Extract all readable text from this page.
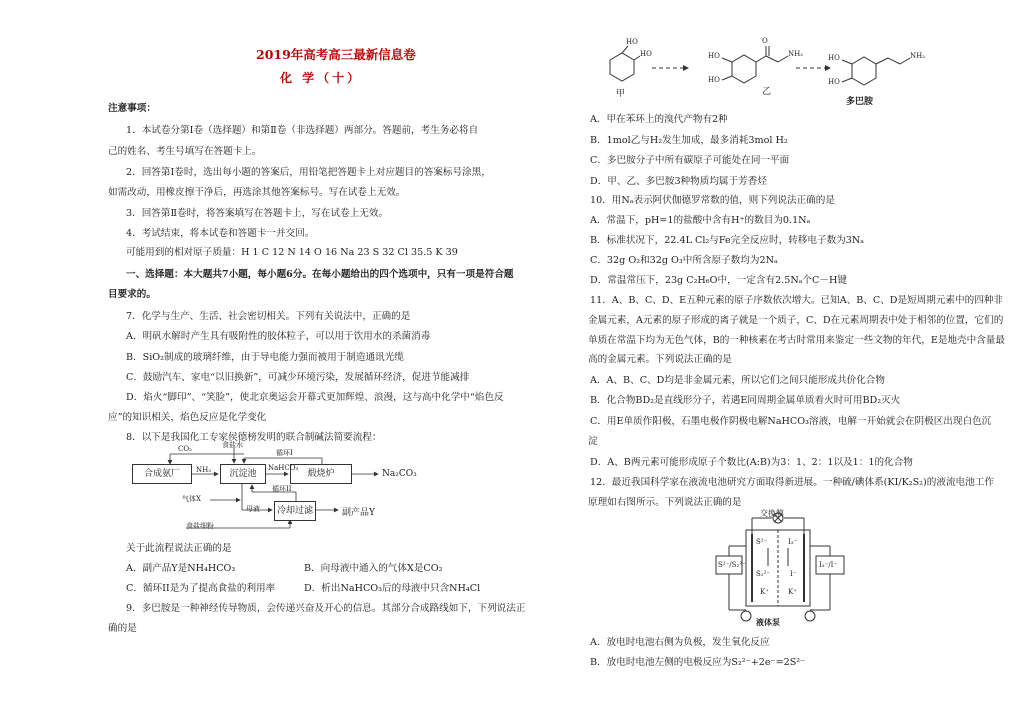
2019年高考高三最新信息卷
化 学（十）
注意事项：
1．本试卷分第Ⅰ卷（选择题）和第Ⅱ卷（非选择题）两部分。答题前，考生务必将自
己的姓名、考生号填写在答题卡上。
2．回答第Ⅰ卷时，选出每小题的答案后，用铅笔把答题卡上对应题目的答案标号涂黑，
如需改动，用橡皮擦干净后，再选涂其他答案标号。写在试卷上无效。
3．回答第Ⅱ卷时，将答案填写在答题卡上，写在试卷上无效。
4．考试结束，将本试卷和答题卡一并交回。
可能用到的相对原子质量：H 1 C 12 N 14 O 16 Na 23 S 32 Cl 35.5 K 39
一、选择题：本大题共7小题，每小题6分。在每小题给出的四个选项中，只有一项是符合题
目要求的。
7．化学与生产、生活、社会密切相关。下列有关说法中，正确的是
A．明矾水解时产生具有吸附性的胶体粒子，可以用于饮用水的杀菌消毒
B．SiO₂制成的玻璃纤维，由于导电能力强而被用于制造通讯光缆
C．鼓励汽车、家电“以旧换新”，可减少环境污染，发展循环经济，促进节能减排
D．焰火“脚印”、“笑脸”，使北京奥运会开幕式更加辉煌、浪漫，这与高中化学中“焰色反
应”的知识相关，焰色反应是化学变化
8．以下是我国化工专家侯德榜发明的联合制碱法简要流程：
合成氨厂	沉淀池	煅烧炉
冷却过滤
Na₂CO₃
副产品Y
CO₂
NH₃
食盐水
NaHCO₃
循环I
循环II
气体X
母液
食盐细粉
关于此流程说法正确的是
A．副产品Y是NH₄HCO₃	B．向母液中通入的气体X是CO₂
C．循环II是为了提高食盐的利用率	D．析出NaHCO₃后的母液中只含NH₄Cl
9．多巴胺是一种神经传导物质，会传递兴奋及开心的信息。其部分合成路线如下，下列说法正
确的是
HO
HO
甲
HO
HO
O
NH₂
乙
HO
HO
NH₂
多巴胺
A．甲在苯环上的溴代产物有2种
B．1mol乙与H₂发生加成，最多消耗3mol H₂
C．多巴胺分子中所有碳原子可能处在同一平面
D．甲、乙、多巴胺3种物质均属于芳香烃
10．用Nₐ表示阿伏伽德罗常数的值，则下列说法正确的是
A．常温下，pH=1的盐酸中含有H⁺的数目为0.1Nₐ
B．标准状况下，22.4L Cl₂与Fe完全反应时，转移电子数为3Nₐ
C．32g O₂和32g O₃中所含原子数均为2Nₐ
D．常温常压下，23g C₂H₆O中，一定含有2.5Nₐ个C－H键
11．A、B、C、D、E五种元素的原子序数依次增大。已知A、B、C、D是短周期元素中的四种非
金属元素，A元素的原子形成的离子就是一个质子，C、D在元素周期表中处于相邻的位置，它们的
单质在常温下均为无色气体，B的一种核素在考古时常用来鉴定一些文物的年代，E是地壳中含量最
高的金属元素。下列说法正确的是
A．A、B、C、D均是非金属元素，所以它们之间只能形成共价化合物
B．化合物BD₂是直线形分子，若遇E同周期金属单质着火时可用BD₂灭火
C．用E单质作阳极，石墨电极作阴极电解NaHCO₃溶液，电解一开始就会在阴极区出现白色沉
淀
D．A、B两元素可能形成原子个数比(A:B)为3：1、2：1以及1：1的化合物
12．最近我国科学家在液流电池研究方面取得新进展。一种硫/碘体系(KI/K₂S₂)的液流电池工作
原理如右图所示。下列说法正确的是
交换膜
液体泵
S²⁻/S₂²⁻	I₃⁻/I⁻
S²⁻
S₂²⁻
I₃⁻
I⁻
K⁺	K⁺
A．放电时电池右侧为负极，发生氧化反应
B．放电时电池左侧的电极反应为S₂²⁻+2e⁻=2S²⁻
